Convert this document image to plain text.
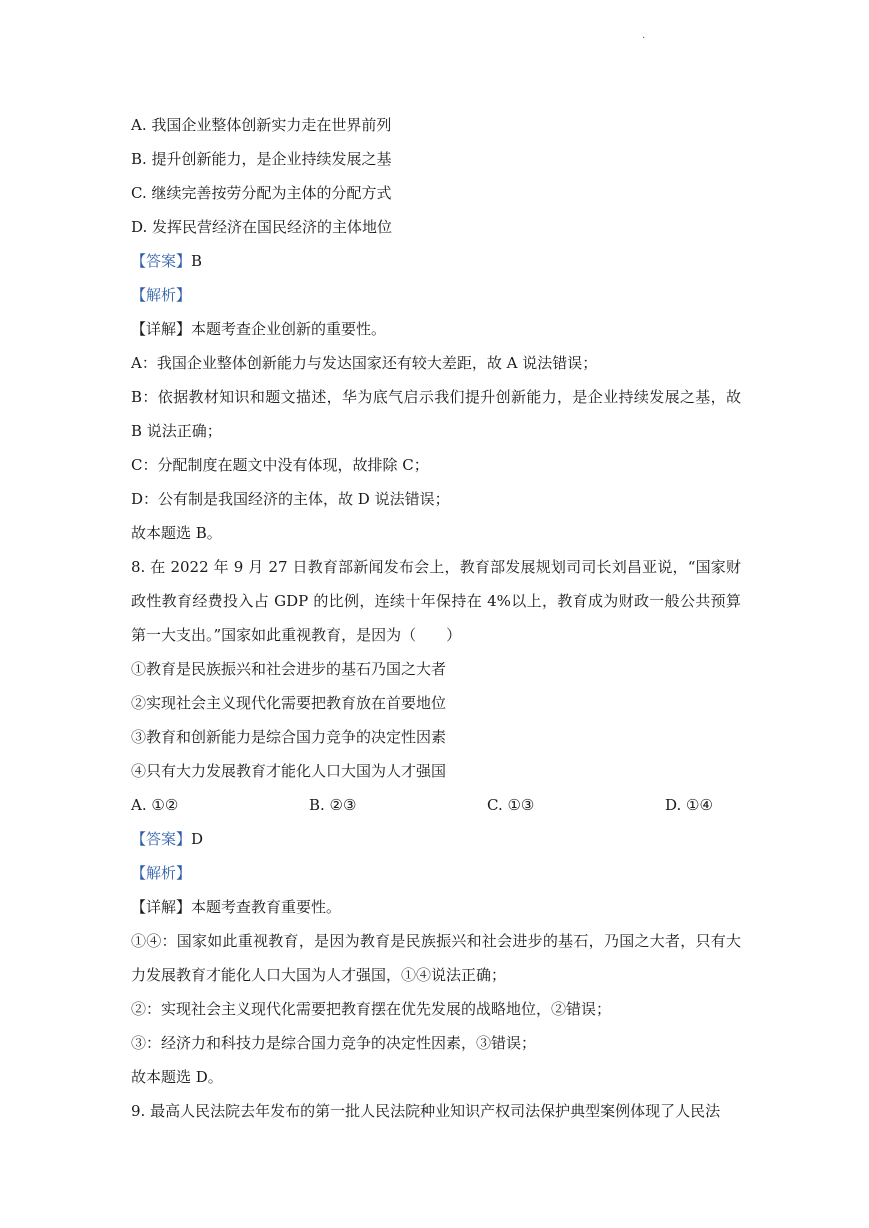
.
A. 我国企业整体创新实力走在世界前列
B. 提升创新能力，是企业持续发展之基
C. 继续完善按劳分配为主体的分配方式
D. 发挥民营经济在国民经济的主体地位
【答案】B
【解析】
【详解】本题考查企业创新的重要性。
A：我国企业整体创新能力与发达国家还有较大差距，故 A 说法错误；
B：依据教材知识和题文描述，华为底气启示我们提升创新能力，是企业持续发展之基，故 B 说法正确；
C：分配制度在题文中没有体现，故排除 C；
D：公有制是我国经济的主体，故 D 说法错误；
故本题选 B。
8. 在 2022 年 9 月 27 日教育部新闻发布会上，教育部发展规划司司长刘昌亚说，“国家财政性教育经费投入占 GDP 的比例，连续十年保持在 4%以上，教育成为财政一般公共预算第一大支出。”国家如此重视教育，是因为（　　）
①教育是民族振兴和社会进步的基石乃国之大者
②实现社会主义现代化需要把教育放在首要地位
③教育和创新能力是综合国力竞争的决定性因素
④只有大力发展教育才能化人口大国为人才强国
A. ①②	B. ②③	C. ①③	D. ①④
【答案】D
【解析】
【详解】本题考查教育重要性。
①④：国家如此重视教育，是因为教育是民族振兴和社会进步的基石，乃国之大者，只有大力发展教育才能化人口大国为人才强国，①④说法正确；
②：实现社会主义现代化需要把教育摆在优先发展的战略地位，②错误；
③：经济力和科技力是综合国力竞争的决定性因素，③错误；
故本题选 D。
9. 最高人民法院去年发布的第一批人民法院种业知识产权司法保护典型案例体现了人民法
